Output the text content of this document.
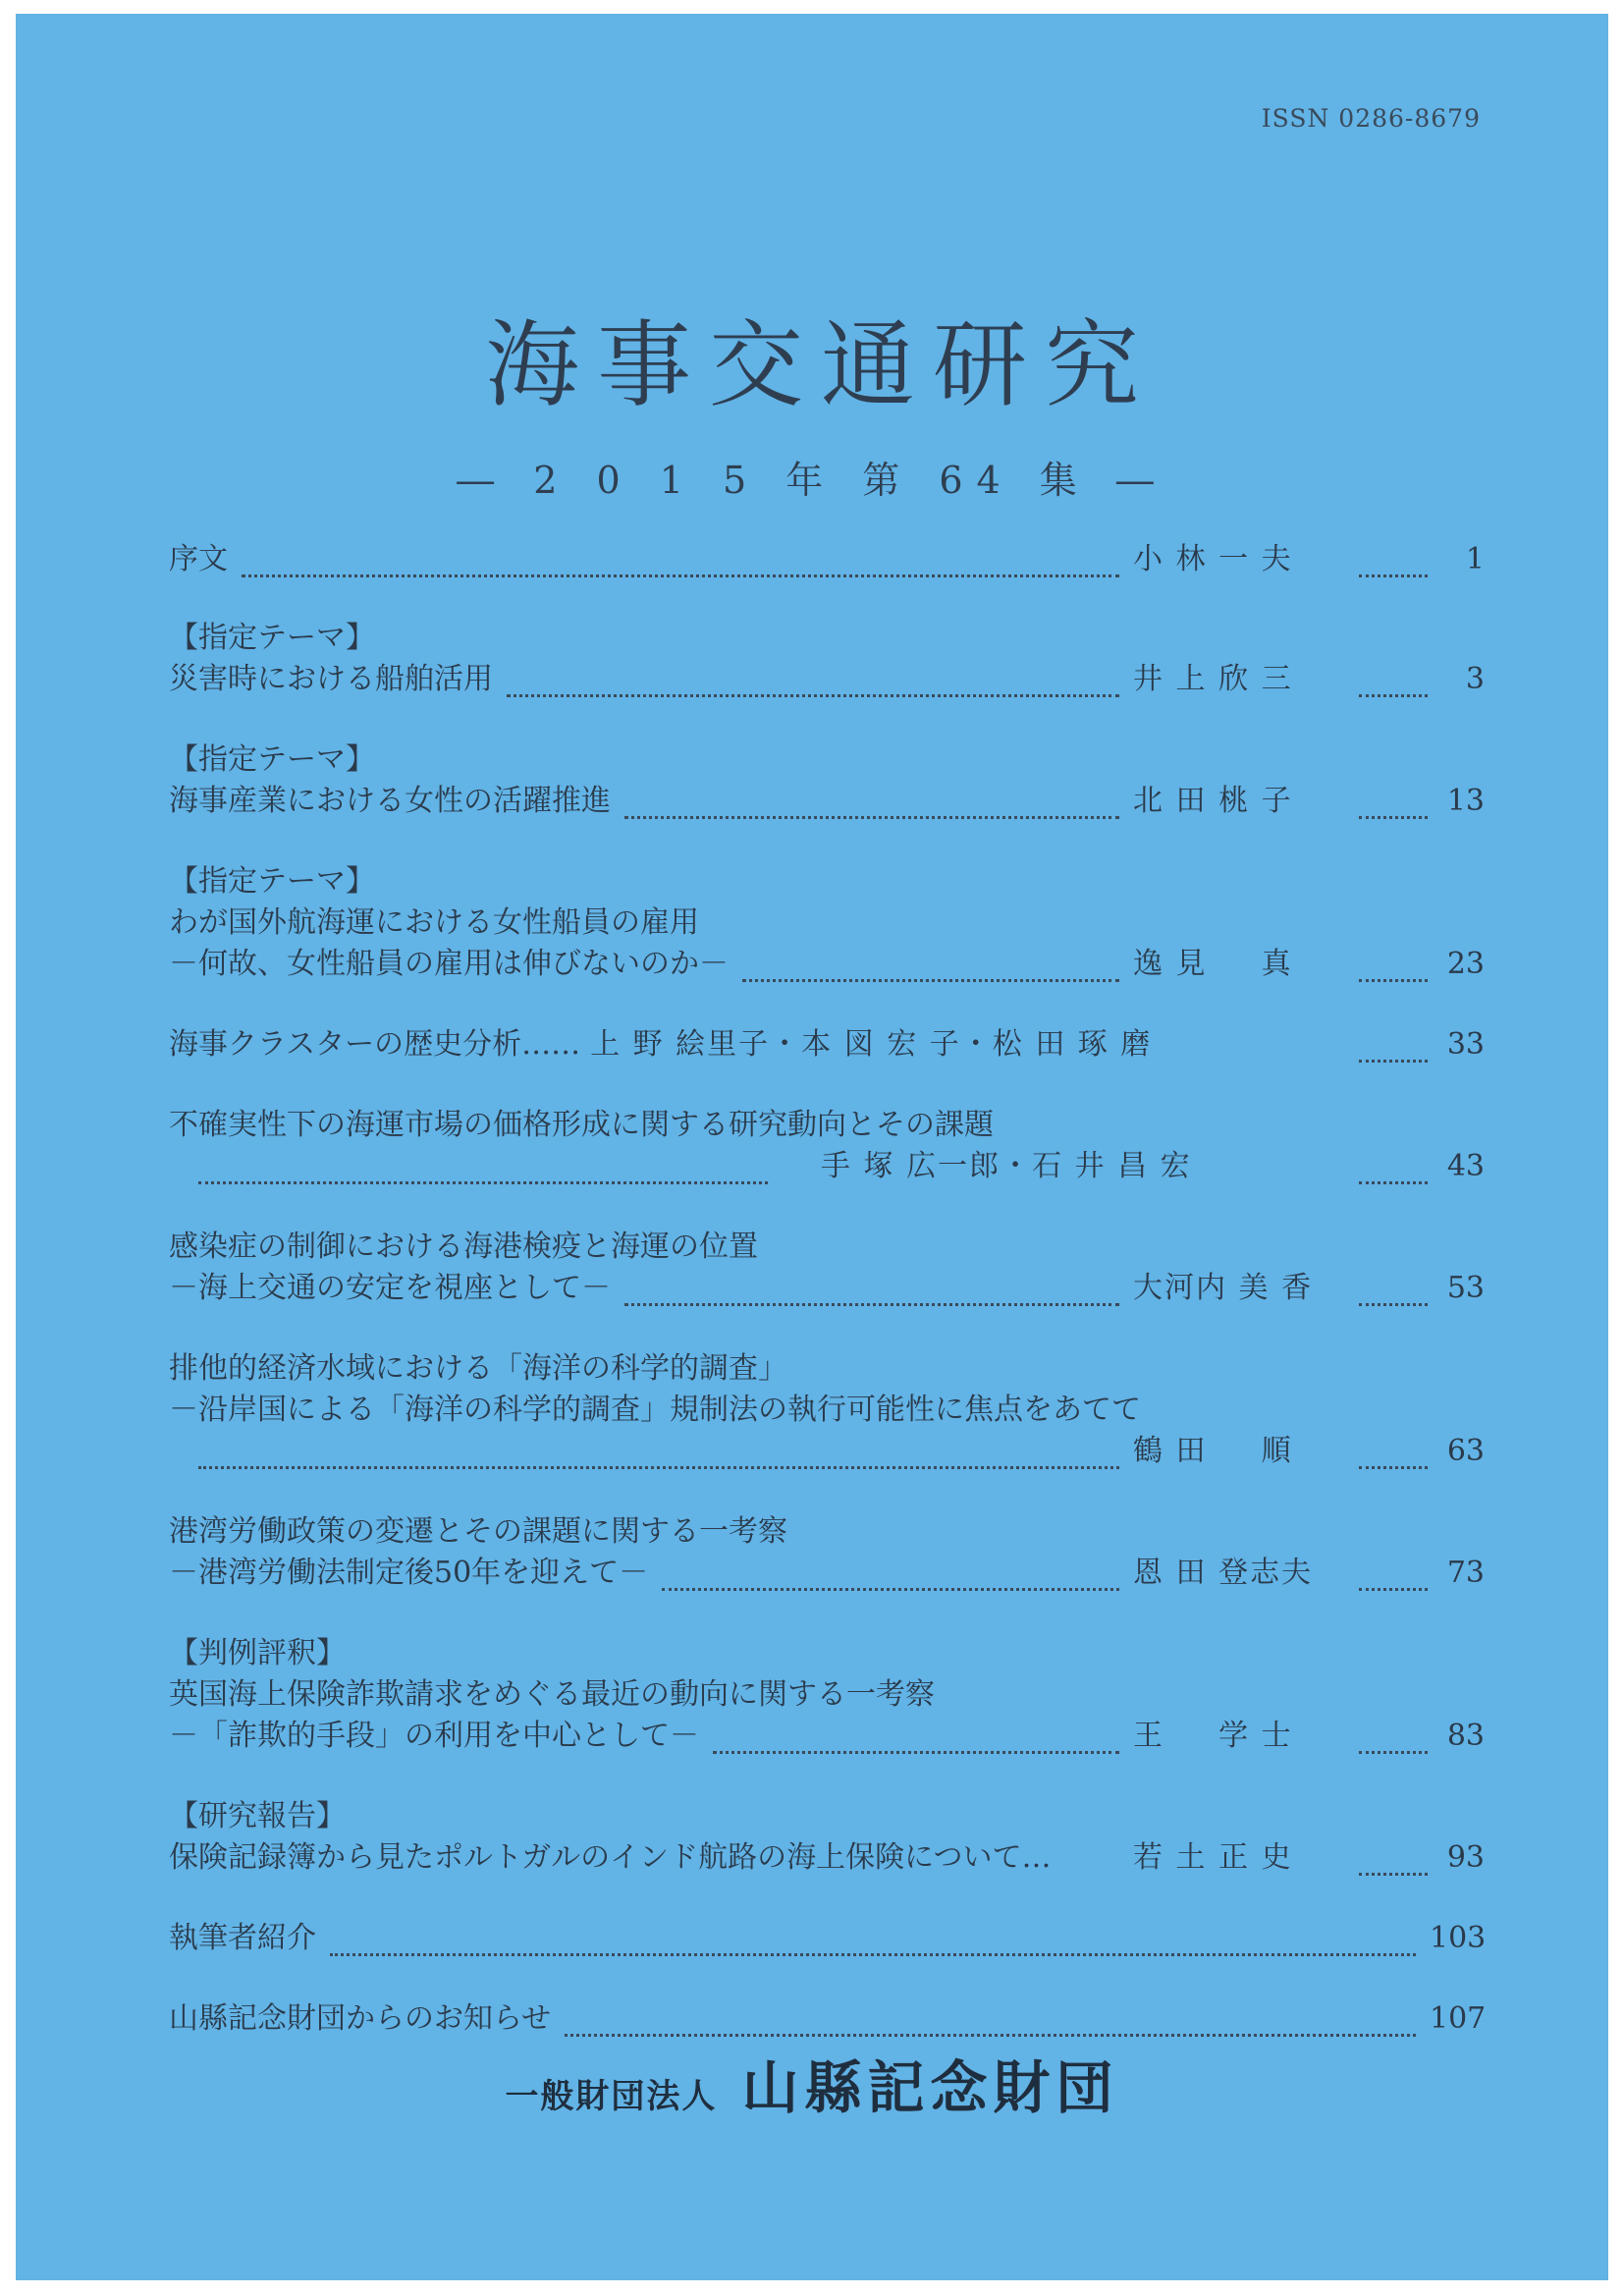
ISSN 0286-8679
海事交通研究
― 2 0 1 5 年 第 64 集 ―
序文	小 林 一 夫	1
【指定テーマ】
災害時における船舶活用	井 上 欣 三	3
【指定テーマ】
海事産業における女性の活躍推進	北 田 桃 子	13
【指定テーマ】
わが国外航海運における女性船員の雇用
－何故、女性船員の雇用は伸びないのか－	逸 見 　 真	23
海事クラスターの歴史分析…… 上 野 絵里子・本 図 宏 子・松 田 琢 磨	33
不確実性下の海運市場の価格形成に関する研究動向とその課題
手 塚 広一郎・石 井 昌 宏	43
感染症の制御における海港検疫と海運の位置
－海上交通の安定を視座として－	大河内 美 香	53
排他的経済水域における「海洋の科学的調査」
－沿岸国による「海洋の科学的調査」規制法の執行可能性に焦点をあてて
鶴 田 　 順	63
港湾労働政策の変遷とその課題に関する一考察
－港湾労働法制定後50年を迎えて－	恩 田 登志夫	73
【判例評釈】
英国海上保険詐欺請求をめぐる最近の動向に関する一考察
－「詐欺的手段」の利用を中心として－	王 　 学 士	83
【研究報告】
保険記録簿から見たポルトガルのインド航路の海上保険について…	若 土 正 史	93
執筆者紹介	103
山縣記念財団からのお知らせ	107
一般財団法人 山縣記念財団
